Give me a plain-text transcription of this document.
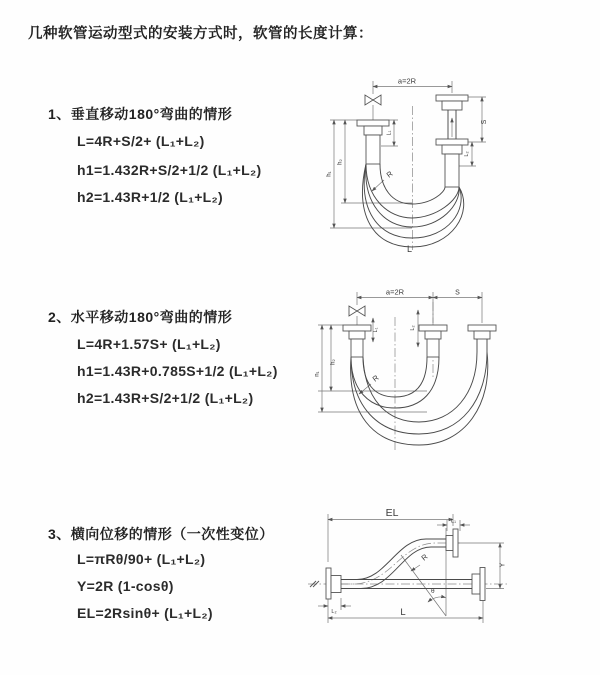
几种软管运动型式的安装方式时，软管的长度计算：
1、垂直移动180°弯曲的情形
L=4R+S/2+ (L₁+L₂)
h1=1.432R+S/2+1/2 (L₁+L₂)
h2=1.43R+1/2 (L₁+L₂)
2、水平移动180°弯曲的情形
L=4R+1.57S+ (L₁+L₂)
h1=1.43R+0.785S+1/2 (L₁+L₂)
h2=1.43R+S/2+1/2 (L₁+L₂)
3、横向位移的情形（一次性变位）
L=πRθ/90+ (L₁+L₂)
Y=2R (1-cosθ)
EL=2Rsinθ+ (L₁+L₂)
a=2R
S
L₁
L₂
h₁
h₂
R
L
a=2R	S
L₁	L₂
h₁
h₂
R
EL
L₁
Y
R
θ
L
L₂
